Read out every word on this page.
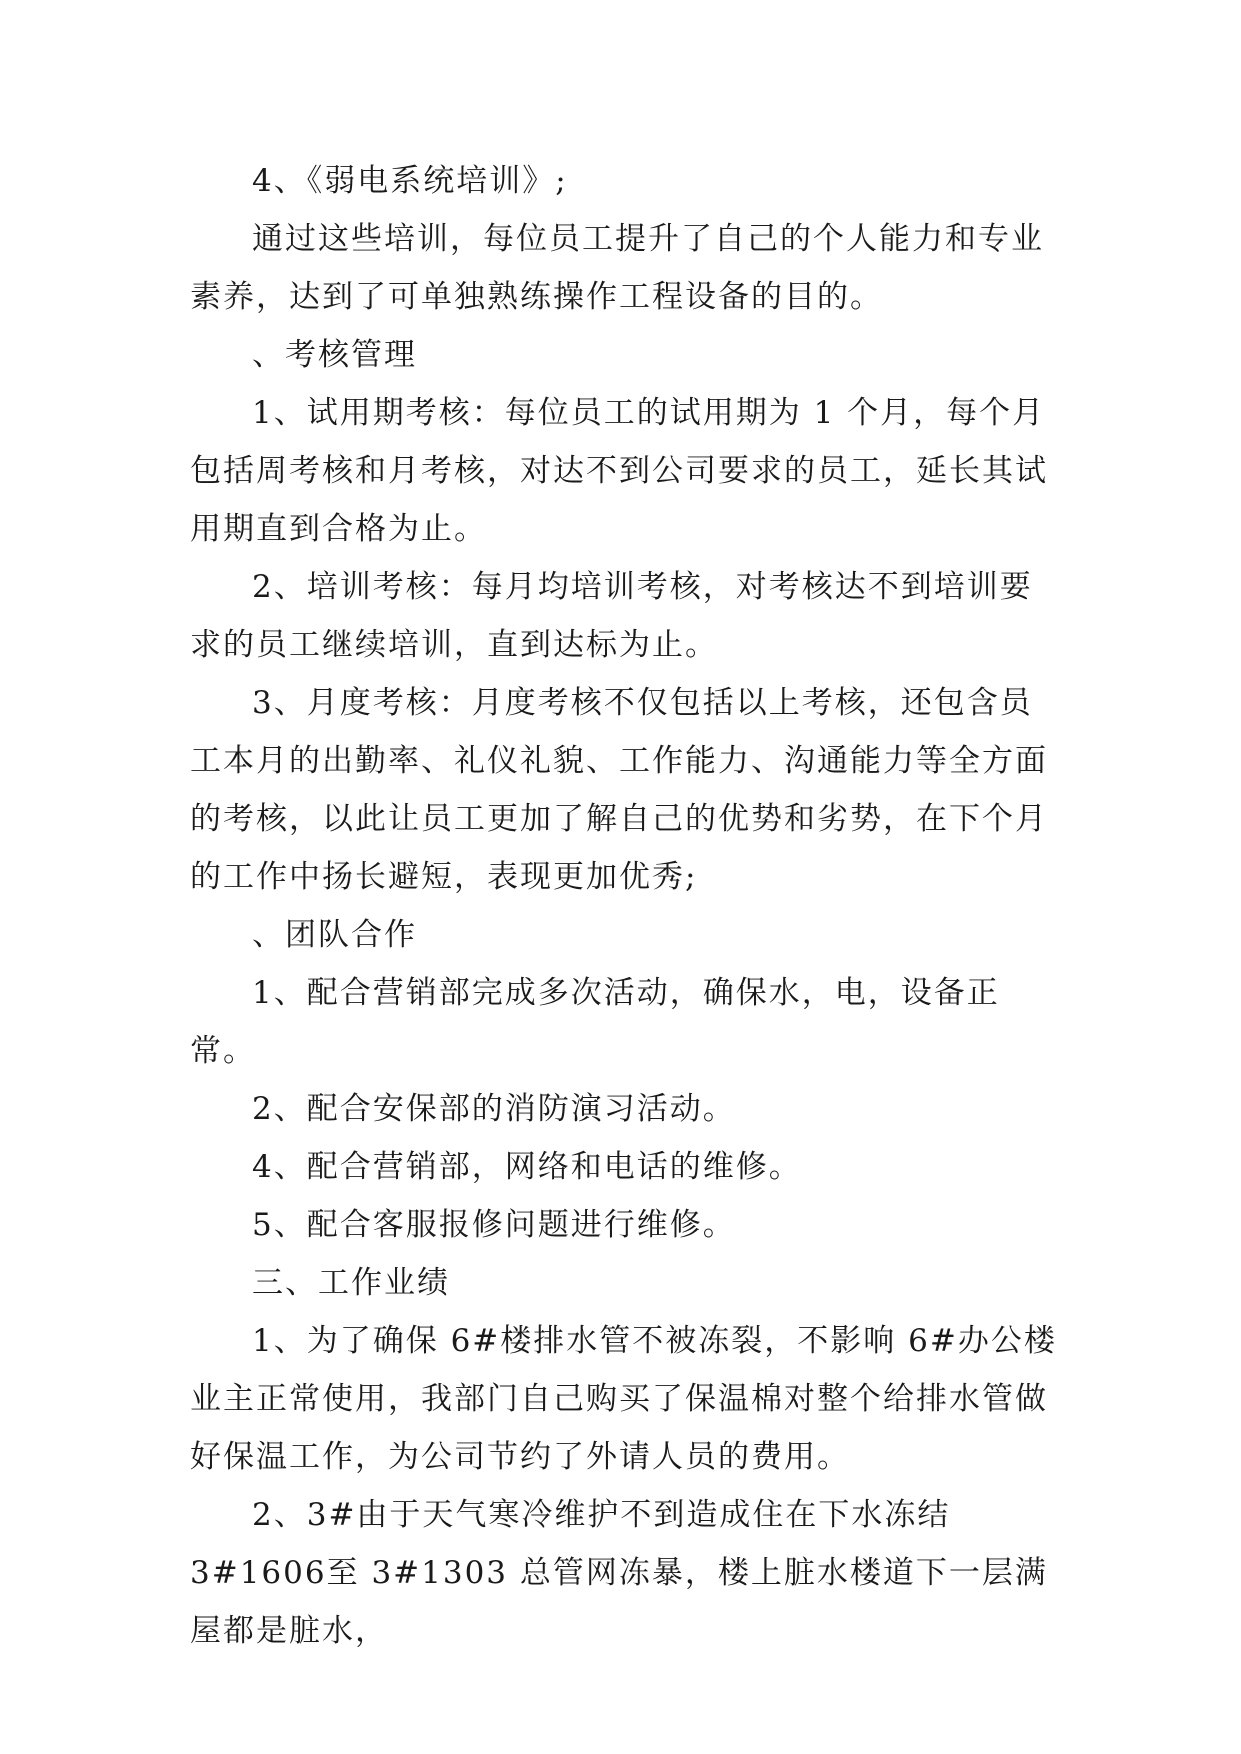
4、《弱电系统培训》;

通过这些培训，每位员工提升了自己的个人能力和专业素养，达到了可单独熟练操作工程设备的目的。

、考核管理

1、试用期考核：每位员工的试用期为 1 个月，每个月包括周考核和月考核，对达不到公司要求的员工，延长其试用期直到合格为止。

2、培训考核：每月均培训考核，对考核达不到培训要求的员工继续培训，直到达标为止。

3、月度考核：月度考核不仅包括以上考核，还包含员工本月的出勤率、礼仪礼貌、工作能力、沟通能力等全方面的考核，以此让员工更加了解自己的优势和劣势，在下个月的工作中扬长避短，表现更加优秀;

、团队合作

1、配合营销部完成多次活动，确保水，电，设备正常。

2、配合安保部的消防演习活动。

4、配合营销部，网络和电话的维修。

5、配合客服报修问题进行维修。

三、工作业绩

1、为了确保 6#楼排水管不被冻裂，不影响 6#办公楼业主正常使用，我部门自己购买了保温棉对整个给排水管做好保温工作，为公司节约了外请人员的费用。

2、3#由于天气寒冷维护不到造成住在下水冻结 3#1606至 3#1303 总管网冻暴，楼上脏水楼道下一层满屋都是脏水，
